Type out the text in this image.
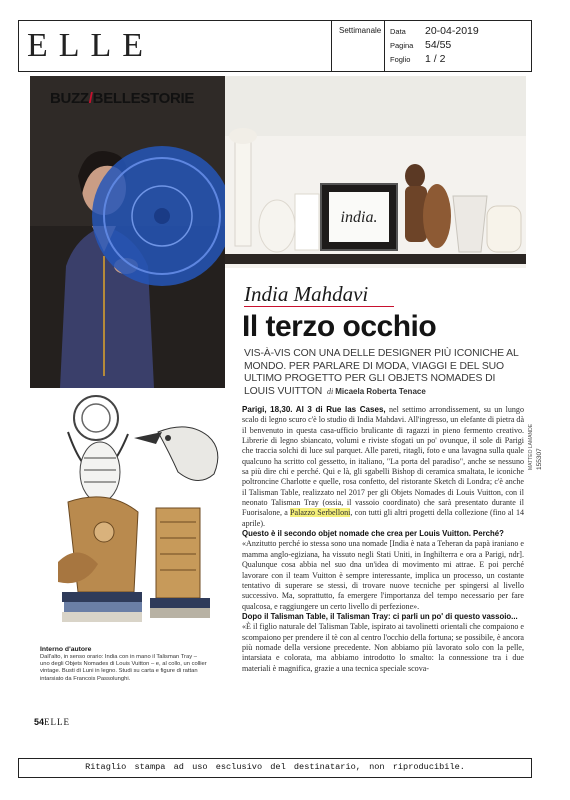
ELLE	Settimanale Data 20-04-2019
Pagina 54/55
Foglio 1 / 2
india.
BUZZ/BELLESTORIE
India Mahdavi
Il terzo occhio
VIS-À-VIS CON UNA DELLE DESIGNER PIÙ ICONICHE AL MONDO. PER PARLARE DI MODA, VIAGGI E DEL SUO ULTIMO PROGETTO PER GLI OBJETS NOMADES DI LOUIS VUITTON di Micaela Roberta Tenace
Interno d'autore
Dall'alto, in senso orario: India con in mano il Talisman Tray – uno degli Objets Nomades di Louis Vuitton – e, al collo, un collier vintage. Busti di Luni in legno. Studi su carta e figure di rattan intarsiato da Francois Passolunghi.
54ELLE

Parigi, 18,30. Al 3 di Rue las Cases, nel settimo arrondissement, su un lungo scalo di legno scuro c'è lo studio di India Mahdavi. All'ingresso, un elefante di pietra dà il benvenuto in questa casa-ufficio brulicante di ragazzi in pieno fermento creativo. Librerie di legno sbiancato, volumi e riviste sfogati un po' ovunque, il sole di Parigi che traccia solchi di luce sul parquet. Alle pareti, ritagli, foto e una lavagna sulla quale qualcuno ha scritto col gessetto, in italiano, "La porta del paradiso", anche se nessuno sa più dire chi e perché. Qui e là, gli sgabelli Bishop di ceramica smaltata, le iconiche poltroncine Charlotte e quelle, rosa confetto, del ristorante Sketch di Londra; c'è anche il Talisman Table, realizzato nel 2017 per gli Objets Nomades di Louis Vuitton, con il neonato Talisman Tray (ossia, il vassoio coordinato) che sarà presentato durante il Fuorisalone, a Palazzo Serbelloni, con tutti gli altri progetti della collezione (fino al 14 aprile).

Questo è il secondo objet nomade che crea per Louis Vuitton. Perché?

«Anzitutto perché io stessa sono una nomade [India è nata a Teheran da papà iraniano e mamma anglo-egiziana, ha vissuto negli Stati Uniti, in Inghilterra e ora a Parigi, ndr]. Qualunque cosa abbia nel suo dna un'idea di movimento mi attrae. E poi perché lavorare con il team Vuitton è sempre interessante, implica un processo, un costante tentativo di superare se stessi, di trovare nuove tecniche per spingersi al livello successivo. Ma, soprattutto, fa emergere l'importanza del tempo necessario per fare qualcosa, e raggiungere un certo livello di perfezione».

Dopo il Talisman Table, il Talisman Tray: ci parli un po' di questo vassoio...

«È il figlio naturale del Talisman Table, ispirato ai tavolinetti orientali che compaiono e scompaiono per prendere il tè con al centro l'occhio della fortuna; se possibile, è ancora più nomade della versione precedente. Non abbiamo più lavorato solo con la pelle, intarsiata e colorata, ma abbiamo introdotto lo smalto: la connessione tra i due materiali è magnifica, grazie a una tecnica speciale scova-

MATTEO LAMANDE 155307
Ritaglio stampa ad uso esclusivo del destinatario, non riproducibile.
